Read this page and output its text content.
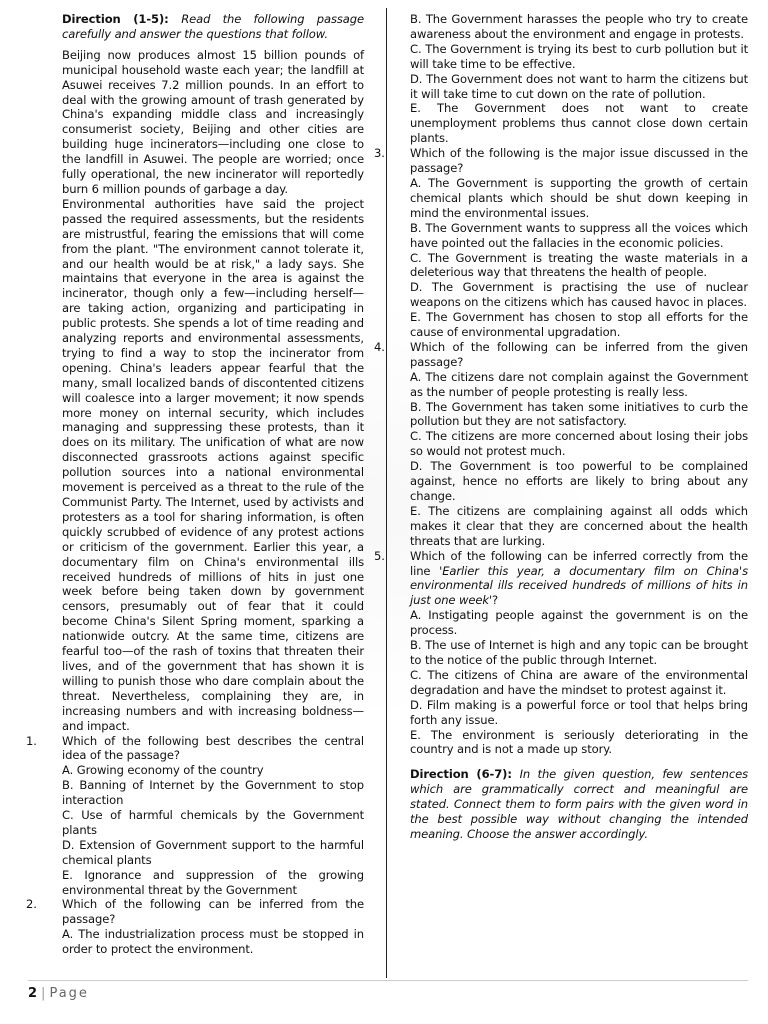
Direction (1-5): Read the following passage carefully and answer the questions that follow.
Beijing now produces almost 15 billion pounds of municipal household waste each year; the landfill at Asuwei receives 7.2 million pounds. In an effort to deal with the growing amount of trash generated by China's expanding middle class and increasingly consumerist society, Beijing and other cities are building huge incinerators—including one close to the landfill in Asuwei. The people are worried; once fully operational, the new incinerator will reportedly burn 6 million pounds of garbage a day.
Environmental authorities have said the project passed the required assessments, but the residents are mistrustful, fearing the emissions that will come from the plant. "The environment cannot tolerate it, and our health would be at risk," a lady says. She maintains that everyone in the area is against the incinerator, though only a few—including herself—are taking action, organizing and participating in public protests. She spends a lot of time reading and analyzing reports and environmental assessments, trying to find a way to stop the incinerator from opening. China's leaders appear fearful that the many, small localized bands of discontented citizens will coalesce into a larger movement; it now spends more money on internal security, which includes managing and suppressing these protests, than it does on its military. The unification of what are now disconnected grassroots actions against specific pollution sources into a national environmental movement is perceived as a threat to the rule of the Communist Party. The Internet, used by activists and protesters as a tool for sharing information, is often quickly scrubbed of evidence of any protest actions or criticism of the government. Earlier this year, a documentary film on China's environmental ills received hundreds of millions of hits in just one week before being taken down by government censors, presumably out of fear that it could become China's Silent Spring moment, sparking a nationwide outcry. At the same time, citizens are fearful too—of the rash of toxins that threaten their lives, and of the government that has shown it is willing to punish those who dare complain about the threat. Nevertheless, complaining they are, in increasing numbers and with increasing boldness—and impact.
1.	Which of the following best describes the central idea of the passage?
A. Growing economy of the country
B. Banning of Internet by the Government to stop interaction
C. Use of harmful chemicals by the Government plants
D. Extension of Government support to the harmful chemical plants
E. Ignorance and suppression of the growing environmental threat by the Government
2.	Which of the following can be inferred from the passage?
A. The industrialization process must be stopped in order to protect the environment.
B. The Government harasses the people who try to create awareness about the environment and engage in protests.
C. The Government is trying its best to curb pollution but it will take time to be effective.
D. The Government does not want to harm the citizens but it will take time to cut down on the rate of pollution.
E. The Government does not want to create unemployment problems thus cannot close down certain plants.
3.	Which of the following is the major issue discussed in the passage?
A. The Government is supporting the growth of certain chemical plants which should be shut down keeping in mind the environmental issues.
B. The Government wants to suppress all the voices which have pointed out the fallacies in the economic policies.
C. The Government is treating the waste materials in a deleterious way that threatens the health of people.
D. The Government is practising the use of nuclear weapons on the citizens which has caused havoc in places.
E. The Government has chosen to stop all efforts for the cause of environmental upgradation.
4.	Which of the following can be inferred from the given passage?
A. The citizens dare not complain against the Government as the number of people protesting is really less.
B. The Government has taken some initiatives to curb the pollution but they are not satisfactory.
C. The citizens are more concerned about losing their jobs so would not protest much.
D. The Government is too powerful to be complained against, hence no efforts are likely to bring about any change.
E. The citizens are complaining against all odds which makes it clear that they are concerned about the health threats that are lurking.
5.	Which of the following can be inferred correctly from the line 'Earlier this year, a documentary film on China's environmental ills received hundreds of millions of hits in just one week'?
A. Instigating people against the government is on the process.
B. The use of Internet is high and any topic can be brought to the notice of the public through Internet.
C. The citizens of China are aware of the environmental degradation and have the mindset to protest against it.
D. Film making is a powerful force or tool that helps bring forth any issue.
E. The environment is seriously deteriorating in the country and is not a made up story.
Direction (6-7): In the given question, few sentences which are grammatically correct and meaningful are stated. Connect them to form pairs with the given word in the best possible way without changing the intended meaning. Choose the answer accordingly.
2 | Page
